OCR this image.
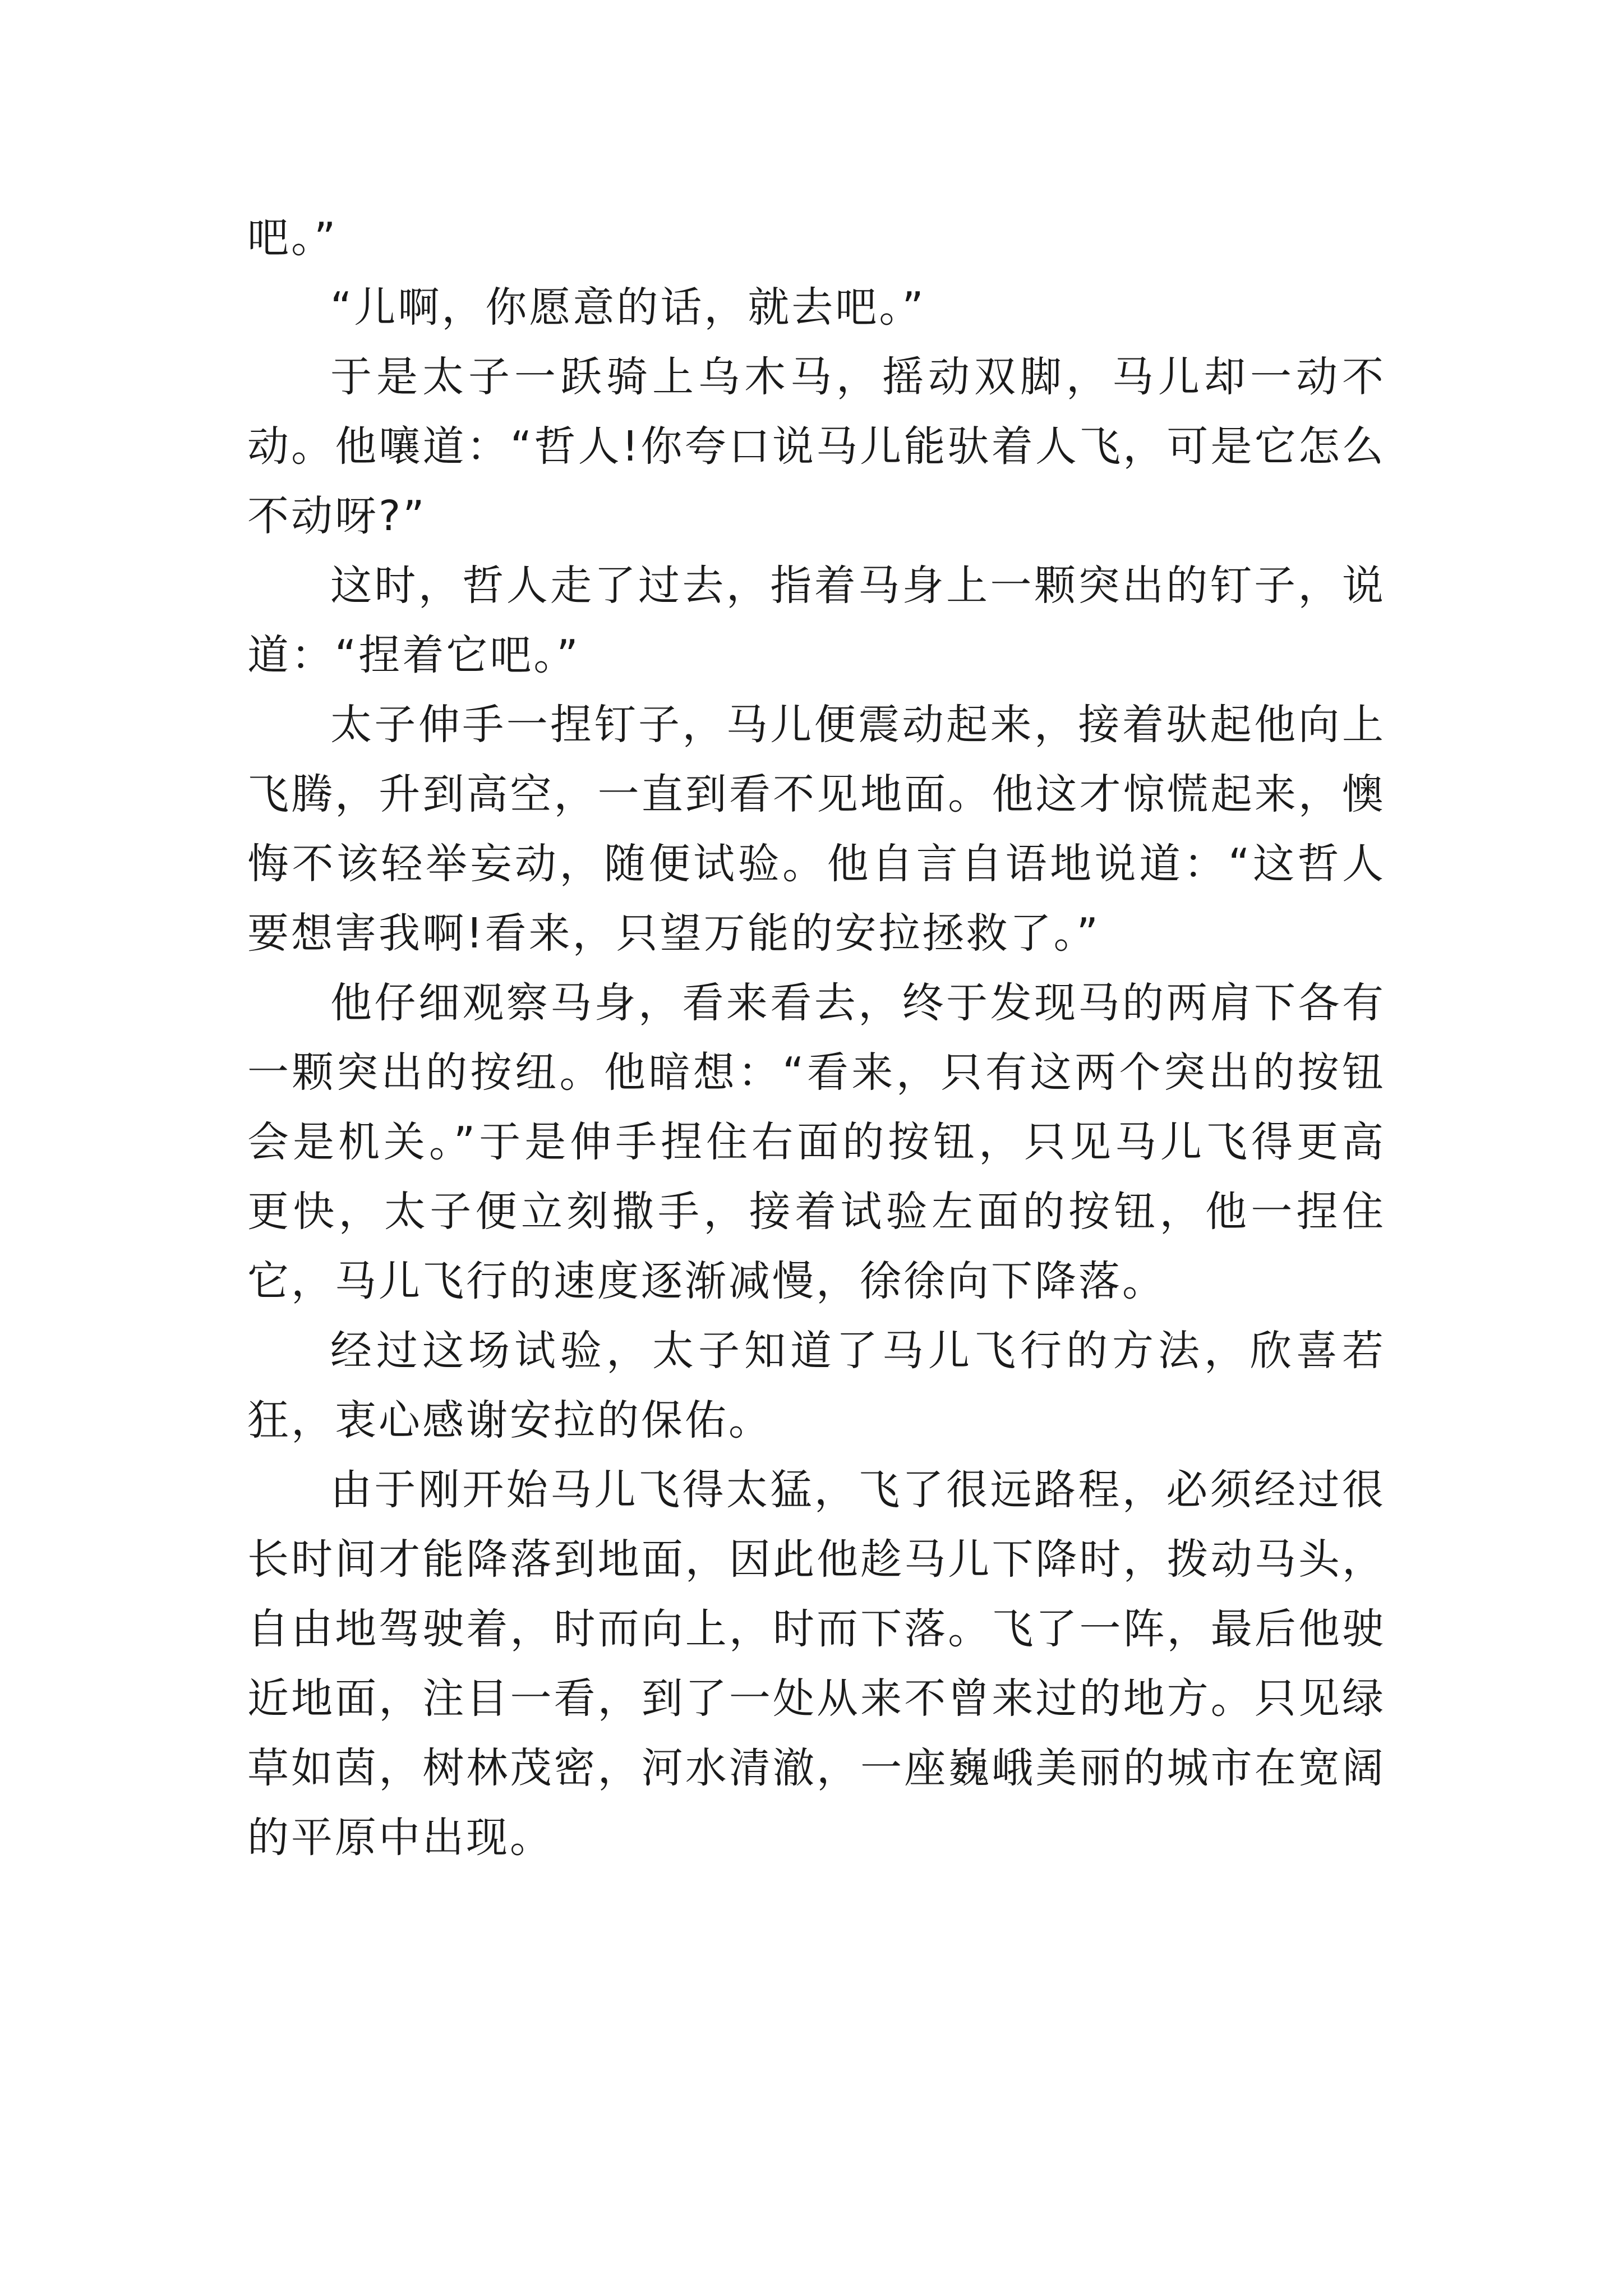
吧。”

“儿啊，你愿意的话，就去吧。”

于是太子一跃骑上乌木马，摇动双脚，马儿却一动不动。他嚷道：“哲人!你夸口说马儿能驮着人飞，可是它怎么不动呀?”

这时，哲人走了过去，指着马身上一颗突出的钉子，说道：“捏着它吧。”

太子伸手一捏钉子，马儿便震动起来，接着驮起他向上飞腾，升到高空，一直到看不见地面。他这才惊慌起来，懊悔不该轻举妄动，随便试验。他自言自语地说道：“这哲人要想害我啊!看来，只望万能的安拉拯救了。”

他仔细观察马身，看来看去，终于发现马的两肩下各有一颗突出的按纽。他暗想：“看来，只有这两个突出的按钮会是机关。”于是伸手捏住右面的按钮，只见马儿飞得更高更快，太子便立刻撒手，接着试验左面的按钮，他一捏住它，马儿飞行的速度逐渐减慢，徐徐向下降落。

经过这场试验，太子知道了马儿飞行的方法，欣喜若狂，衷心感谢安拉的保佑。

由于刚开始马儿飞得太猛，飞了很远路程，必须经过很长时间才能降落到地面，因此他趁马儿下降时，拨动马头，自由地驾驶着，时而向上，时而下落。飞了一阵，最后他驶近地面，注目一看，到了一处从来不曾来过的地方。只见绿草如茵，树林茂密，河水清澈，一座巍峨美丽的城市在宽阔的平原中出现。
